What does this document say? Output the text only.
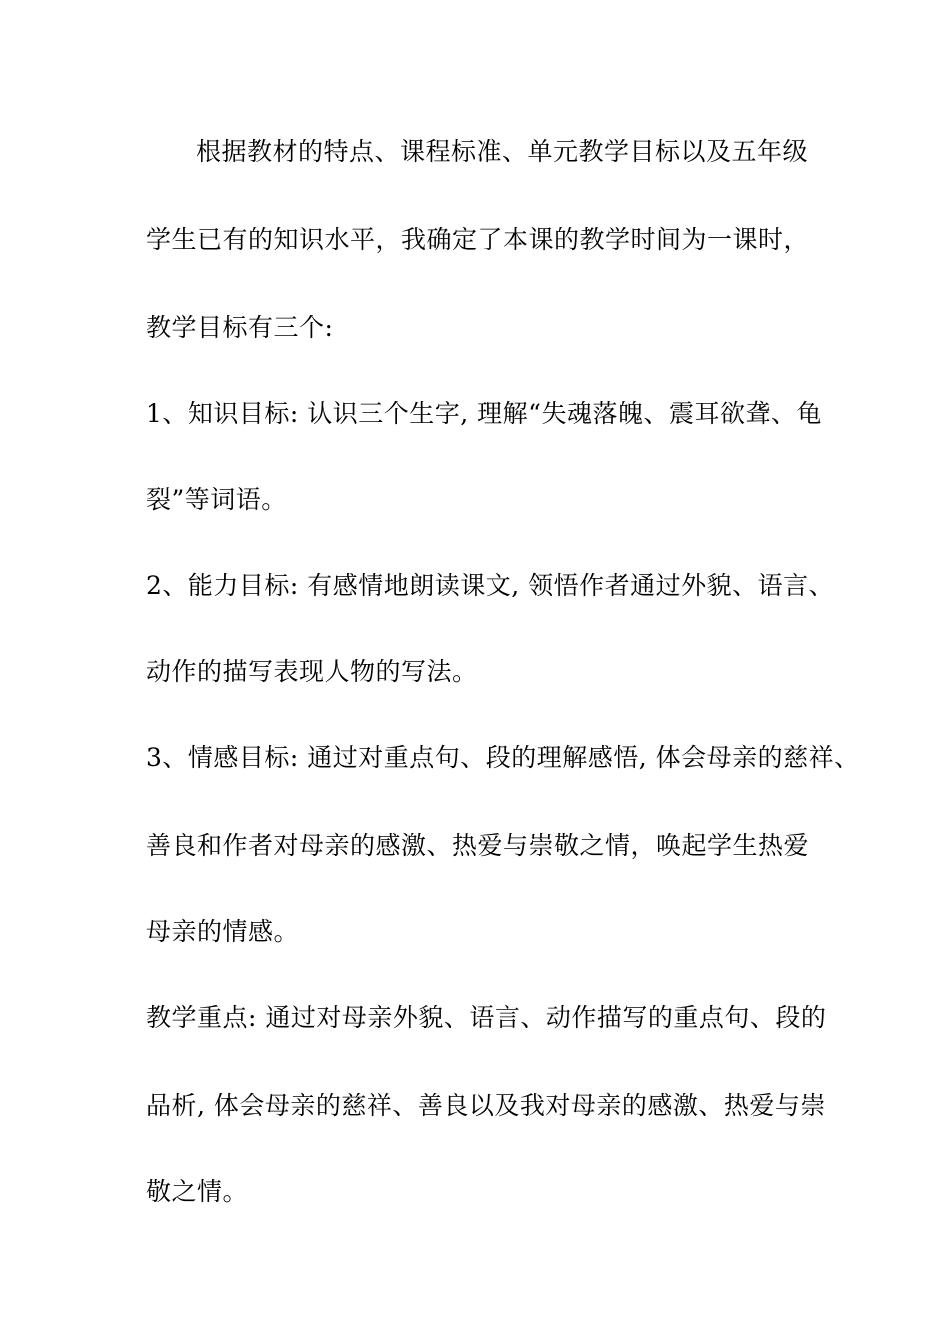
根据教材的特点、课程标准、单元教学目标以及五年级
学生已有的知识水平，我确定了本课的教学时间为一课时，
教学目标有三个:
1、知识目标: 认识三个生字, 理解“失魂落魄、震耳欲聋、龟
裂”等词语。
2、能力目标: 有感情地朗读课文, 领悟作者通过外貌、语言、
动作的描写表现人物的写法。
3、情感目标: 通过对重点句、段的理解感悟, 体会母亲的慈祥、
善良和作者对母亲的感激、热爱与崇敬之情，唤起学生热爱
母亲的情感。
教学重点: 通过对母亲外貌、语言、动作描写的重点句、段的
品析, 体会母亲的慈祥、善良以及我对母亲的感激、热爱与崇
敬之情。
